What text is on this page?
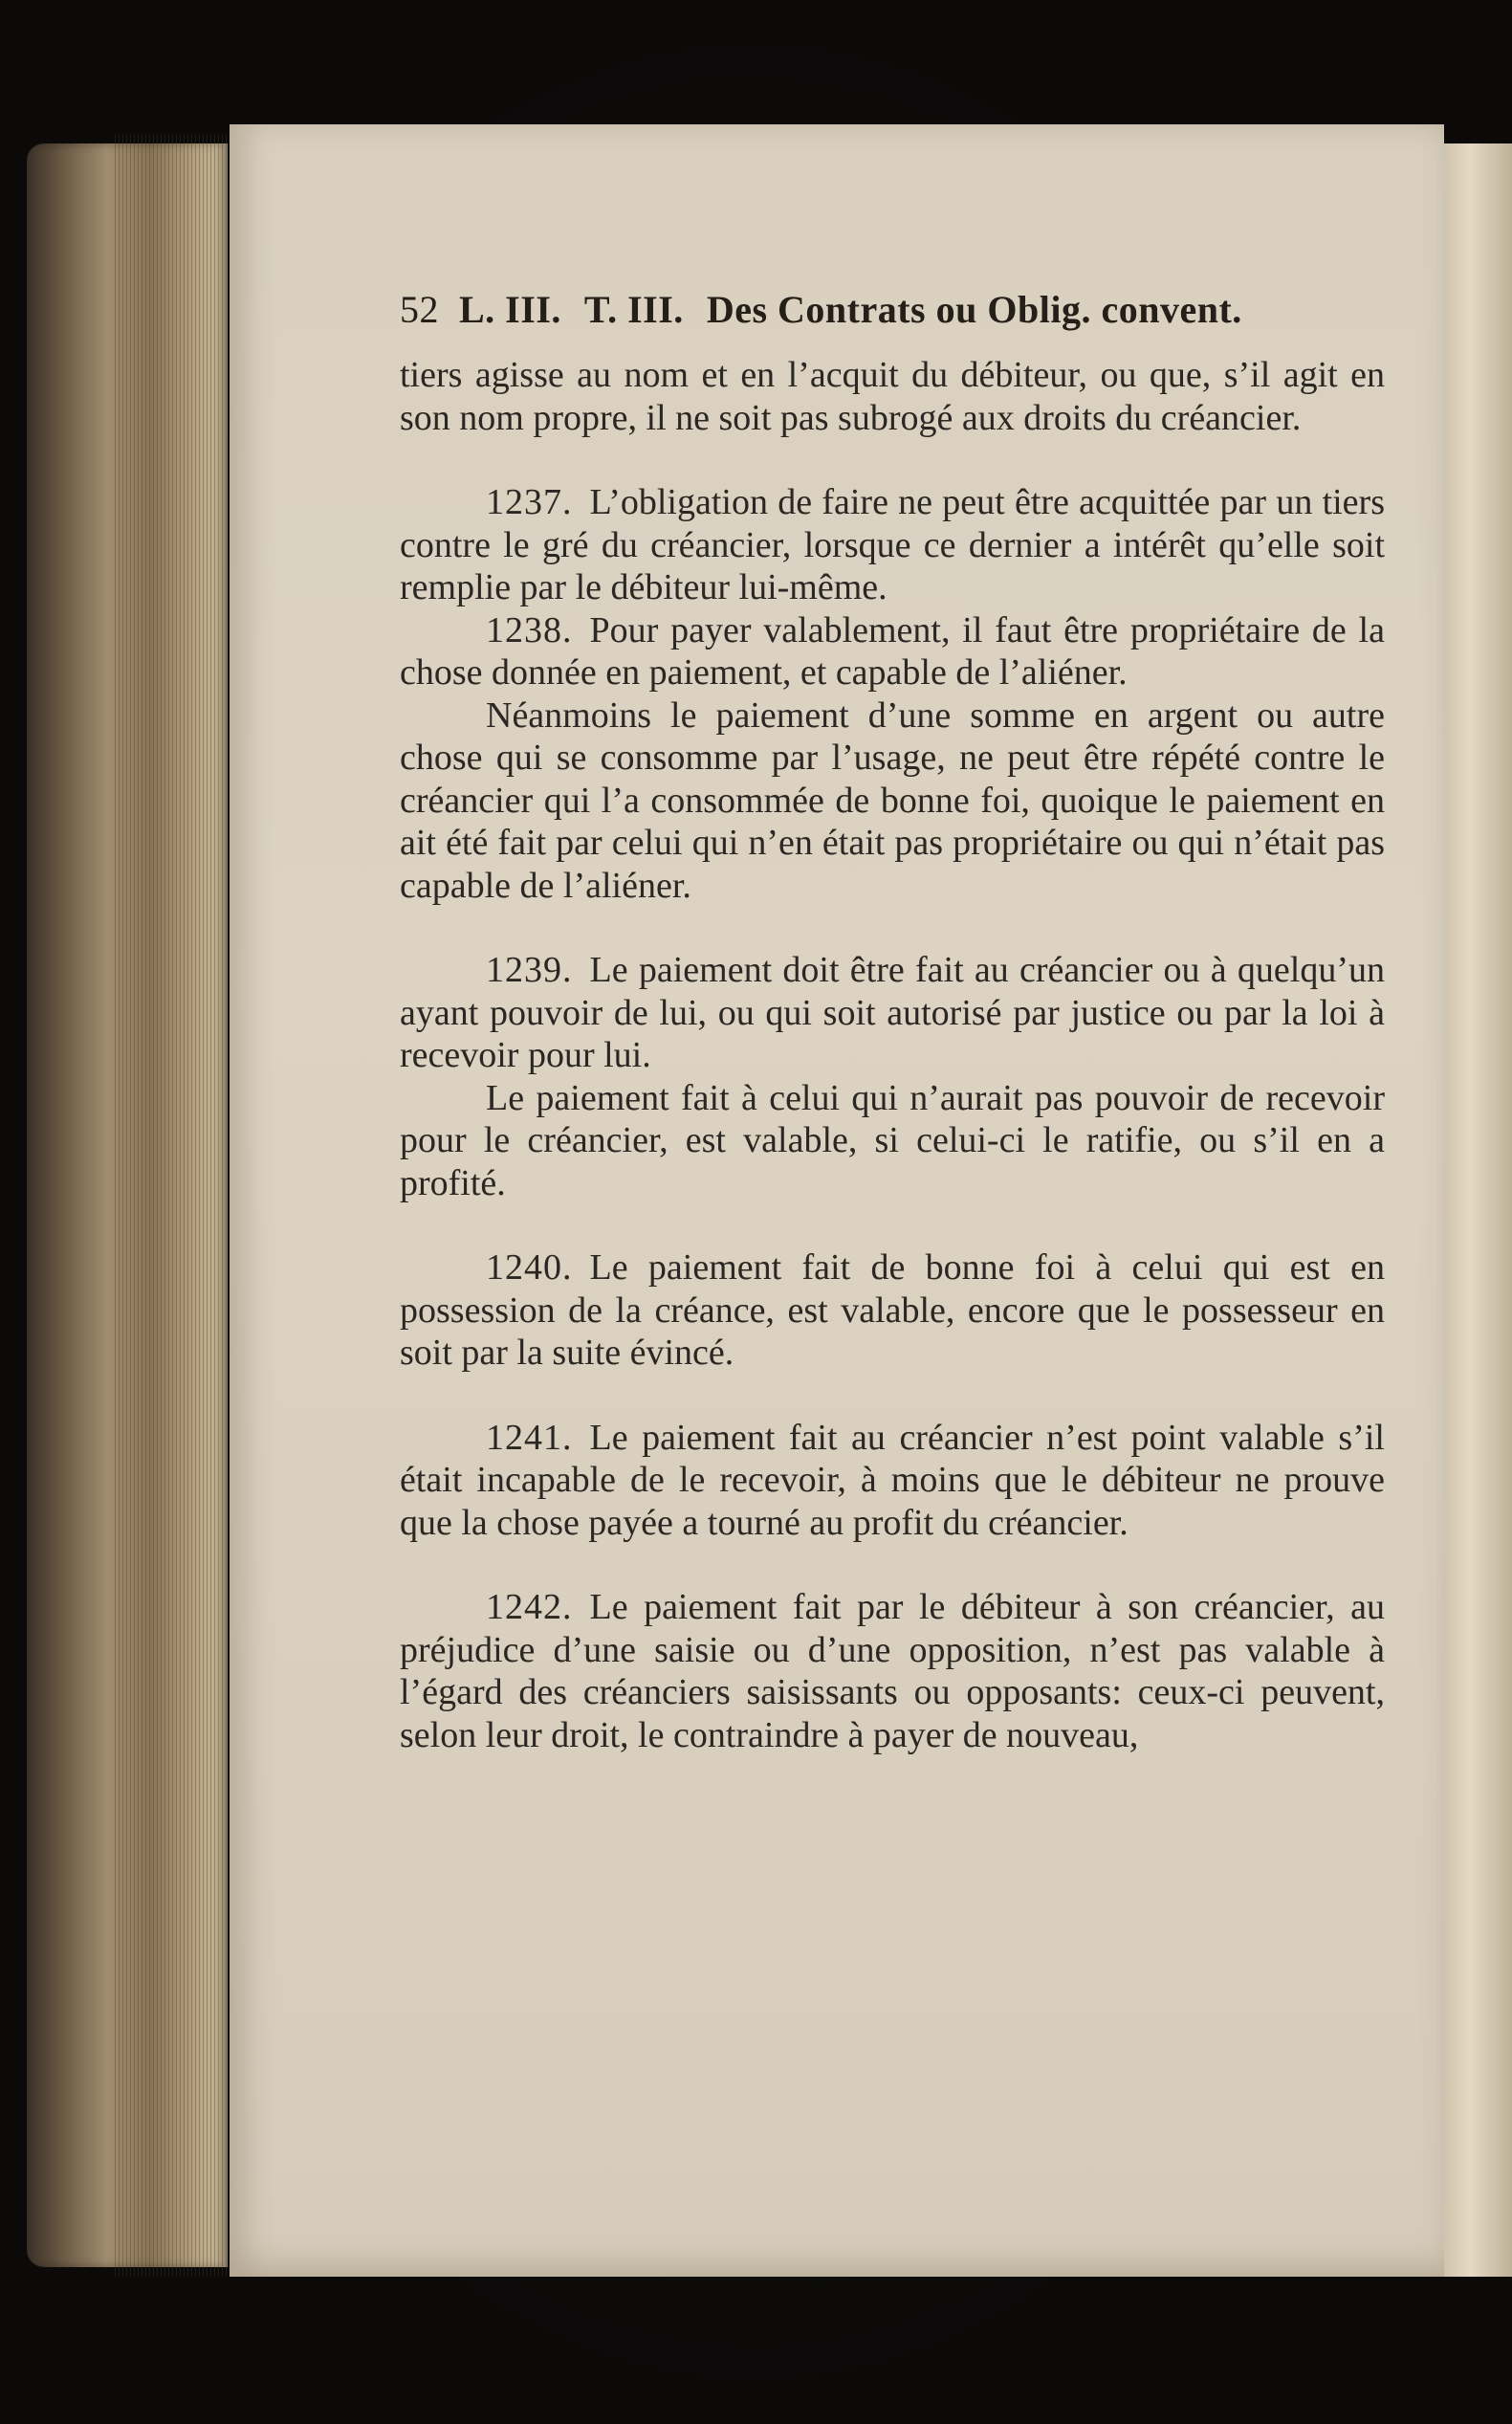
52 L. III. T. III. Des Contrats ou Oblig. convent.

tiers agisse au nom et en l’acquit du débiteur, ou que, s’il agit en son nom propre, il ne soit pas subrogé aux droits du créancier.

1237. L’obligation de faire ne peut être acquittée par un tiers contre le gré du créancier, lorsque ce dernier a intérêt qu’elle soit remplie par le débiteur lui-même.

1238. Pour payer valablement, il faut être propriétaire de la chose donnée en paiement, et capable de l’aliéner.

Néanmoins le paiement d’une somme en argent ou autre chose qui se consomme par l’usage, ne peut être répété contre le créancier qui l’a consommée de bonne foi, quoique le paiement en ait été fait par celui qui n’en était pas propriétaire ou qui n’était pas capable de l’aliéner.

1239. Le paiement doit être fait au créancier ou à quelqu’un ayant pouvoir de lui, ou qui soit autorisé par justice ou par la loi à recevoir pour lui.

Le paiement fait à celui qui n’aurait pas pouvoir de recevoir pour le créancier, est valable, si celui-ci le ratifie, ou s’il en a profité.

1240. Le paiement fait de bonne foi à celui qui est en possession de la créance, est valable, encore que le possesseur en soit par la suite évincé.

1241. Le paiement fait au créancier n’est point valable s’il était incapable de le recevoir, à moins que le débiteur ne prouve que la chose payée a tourné au profit du créancier.

1242. Le paiement fait par le débiteur à son créancier, au préjudice d’une saisie ou d’une opposition, n’est pas valable à l’égard des créanciers saisissants ou opposants: ceux-ci peuvent, selon leur droit, le contraindre à payer de nouveau,
